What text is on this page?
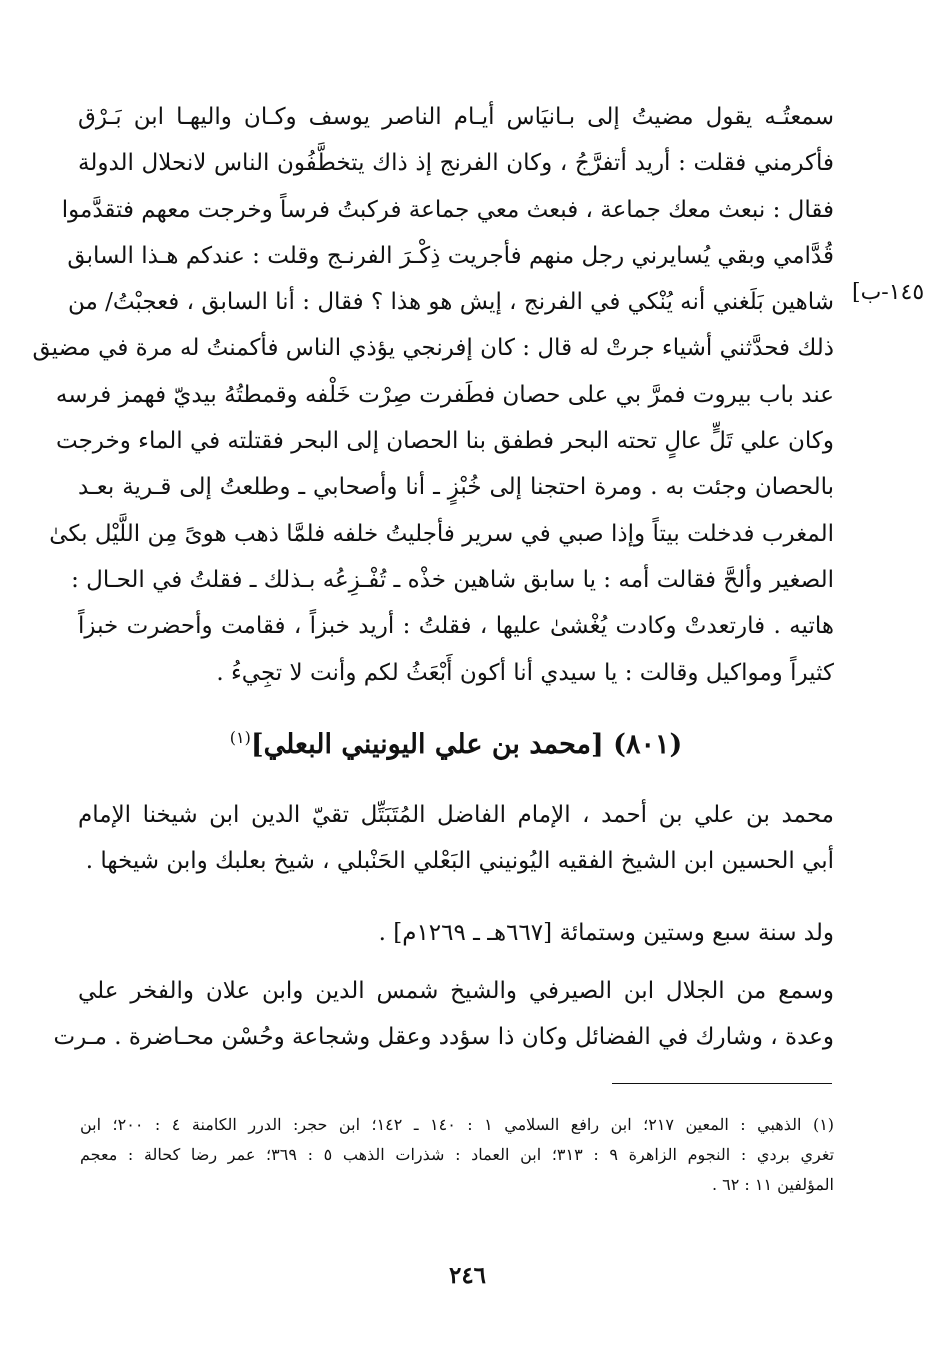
١٤٥-ب]
سمعتُـه يقول مضيتُ إلى بـانيَاس أيـام الناصر يوسف وكـان واليهـا ابن بَـرْق
فأكرمني فقلت : أريد أتفرَّجُ ، وكان الفرنج إذ ذاك يتخطَّفُون الناس لانحلال الدولة
فقال : نبعث معك جماعة ، فبعث معي جماعة فركبتُ فرساً وخرجت معهم فتقدَّموا
قُدَّامي وبقي يُسايرني رجل منهم فأجريت ذِكْـرَ الفرنـج وقلت : عندكم هـذا السابق
شاهين بَلَغني أنه يُنْكي في الفرنج ، إيش هو هذا ؟ فقال : أنا السابق ، فعجبْتُ/ من
ذلك فحدَّثني أشياء جرتْ له قال : كان إفرنجي يؤذي الناس فأكمنتُ له مرة في مضيق
عند باب بيروت فمرَّ بي على حصان فطَفرت صِرْت خَلْفه وقمطتُهُ بيديّ فهمز فرسه
وكان علي تَلٍّ عالٍ تحته البحر فطفق بنا الحصان إلى البحر فقتلته في الماء وخرجت
بالحصان وجئت به . ومرة احتجنا إلى خُبْزٍ ـ أنا وأصحابي ـ وطلعتُ إلى قـرية بعـد
المغرب فدخلت بيتاً وإذا صبي في سرير فأجليتُ خلفه فلمَّا ذهب هوىً مِن اللَّيْل بكىٰ
الصغير وألحَّ فقالت أمه : يا سابق شاهين خذْه ـ تُفْـزِعُه بـذلك ـ فقلتُ في الحـال :
هاتيه . فارتعدتْ وكادت يُغْشىٰ عليها ، فقلتُ : أريد خبزاً ، فقامت وأحضرت خبزاً
كثيراً ومواكيل وقالت : يا سيدي أنا أكون أَبْعَثُ لكم وأنت لا تجِيءُ .
(٨٠١) [محمد بن علي اليونيني البعلي]$^{(١)}$
محمد بن علي بن أحمد ، الإمام الفاضل المُتَبَتِّل تقيّ الدين ابن شيخنا الإمام
أبي الحسين ابن الشيخ الفقيه اليُونيني البَعْلي الحَنْبلي ، شيخ بعلبك وابن شيخها .
ولد سنة سبع وستين وستمائة [٦٦٧هـ ـ ١٢٦٩م] .
وسمع من الجلال ابن الصيرفي والشيخ شمس الدين وابن علان والفخر علي
وعدة ، وشارك في الفضائل وكان ذا سؤدد وعقل وشجاعة وحُسْن محـاضرة . مـرت
(١) الذهبي : المعين ٢١٧؛ ابن رافع السلامي ١ : ١٤٠ ـ ١٤٢؛ ابن حجر: الدرر الكامنة ٤ : ٢٠٠؛ ابن
تغري بردي : النجوم الزاهرة ٩ : ٣١٣؛ ابن العماد : شذرات الذهب ٥ : ٣٦٩؛ عمر رضا كحالة : معجم
المؤلفين ١١ : ٦٢ .
٢٤٦
